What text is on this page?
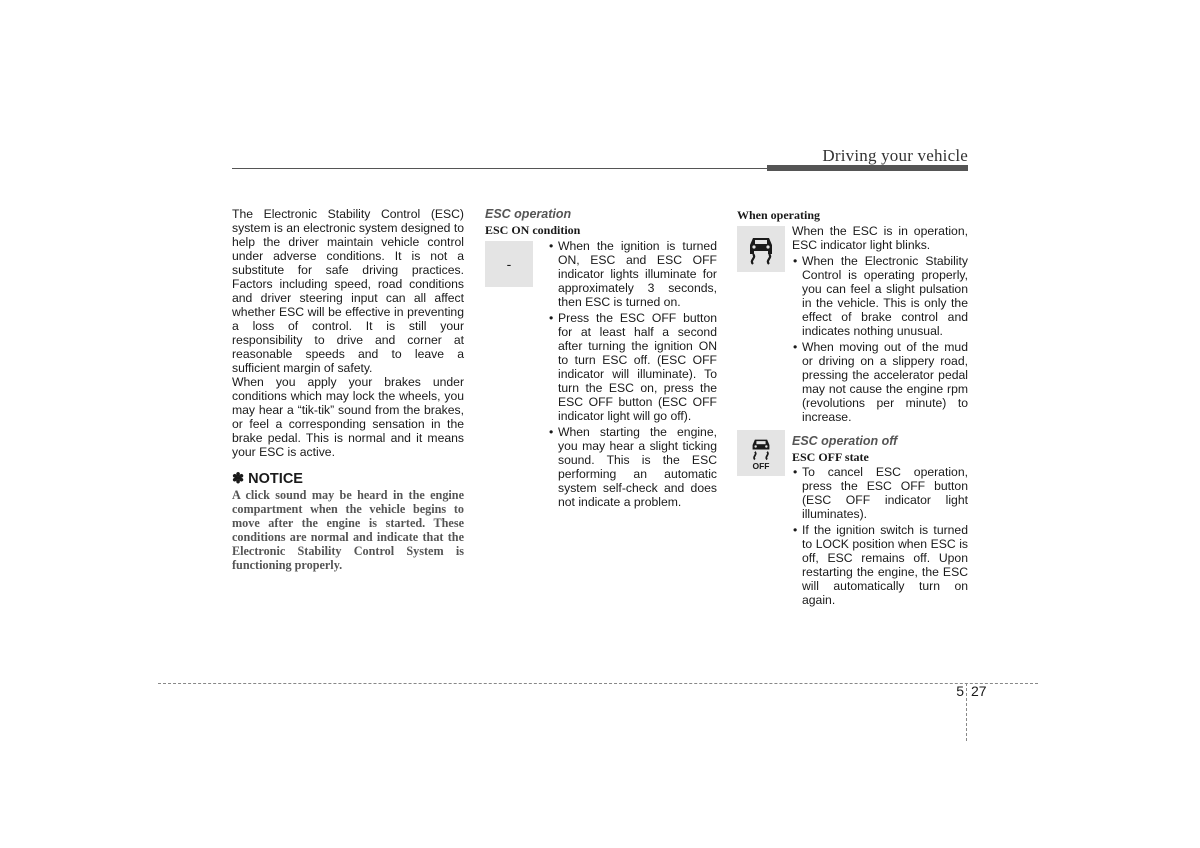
Driving your vehicle

The Electronic Stability Control (ESC) system is an electronic system designed to help the driver maintain vehicle control under adverse conditions. It is not a substitute for safe driving practices. Factors including speed, road conditions and driver steering input can all affect whether ESC will be effective in preventing a loss of control. It is still your responsibility to drive and corner at reasonable speeds and to leave a sufficient margin of safety.

When you apply your brakes under conditions which may lock the wheels, you may hear a “tik-tik” sound from the brakes, or feel a corresponding sensation in the brake pedal. This is normal and it means your ESC is active.

✽ NOTICE
A click sound may be heard in the engine compartment when the vehicle begins to move after the engine is started. These conditions are normal and indicate that the Electronic Stability Control System is functioning properly.
ESC operation
ESC ON condition
-
• When the ignition is turned ON, ESC and ESC OFF indicator lights illuminate for approximately 3 seconds, then ESC is turned on.
• Press the ESC OFF button for at least half a second after turning the ignition ON to turn ESC off. (ESC OFF indicator will illuminate). To turn the ESC on, press the ESC OFF button (ESC OFF indicator light will go off).
• When starting the engine, you may hear a slight ticking sound. This is the ESC performing an automatic system self-check and does not indicate a problem.
When operating

When the ESC is in operation, ESC indicator light blinks.

• When the Electronic Stability Control is operating properly, you can feel a slight pulsation in the vehicle. This is only the effect of brake control and indicates nothing unusual.
• When moving out of the mud or driving on a slippery road, pressing the accelerator pedal may not cause the engine rpm (revolutions per minute) to increase.
OFF
ESC operation off
ESC OFF state
• To cancel ESC operation, press the ESC OFF button (ESC OFF indicator light illuminates).
• If the ignition switch is turned to LOCK position when ESC is off, ESC remains off. Upon restarting the engine, the ESC will automatically turn on again.
5 27
